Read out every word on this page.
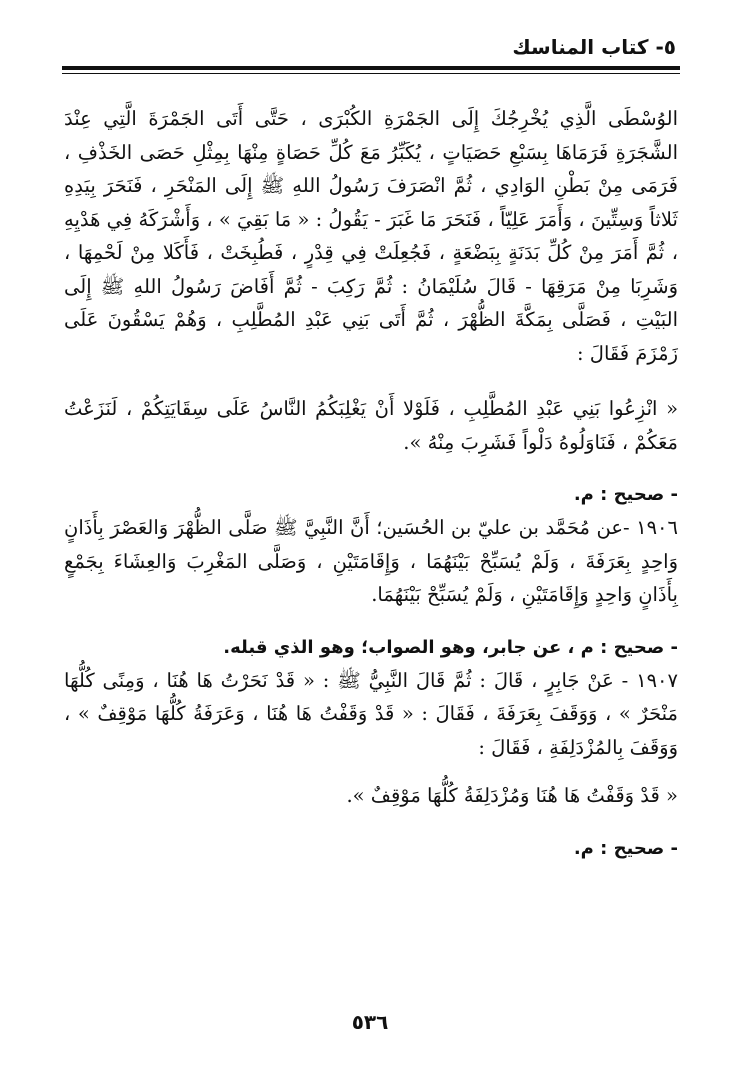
٥- كتاب المناسك

الوُسْطَى الَّذِي يُخْرِجُكَ إِلَى الجَمْرَةِ الكُبْرَى ، حَتَّى أَتَى الجَمْرَةَ الَّتِي عِنْدَ الشَّجَرَةِ فَرَمَاهَا بِسَبْعِ حَصَيَاتٍ ، يُكَبِّرُ مَعَ كُلِّ حَصَاةٍ مِنْهَا بِمِثْلِ حَصَى الخَذْفِ ، فَرَمَى مِنْ بَطْنِ الوَادِي ، ثُمَّ انْصَرَفَ رَسُولُ اللهِ ﷺ إِلَى المَنْحَرِ ، فَنَحَرَ بِيَدِهِ ثَلاثاً وَسِتِّينَ ، وَأَمَرَ عَلِيّاً ، فَنَحَرَ مَا غَبَرَ - يَقُولُ : « مَا بَقِيَ » ، وَأَشْرَكَهُ فِي هَدْيِهِ ، ثُمَّ أَمَرَ مِنْ كُلِّ بَدَنَةٍ بِبَضْعَةٍ ، فَجُعِلَتْ فِي قِدْرٍ ، فَطُبِخَتْ ، فَأَكَلا مِنْ لَحْمِهَا ، وَشَرِبَا مِنْ مَرَقِهَا - قَالَ سُلَيْمَانُ : ثُمَّ رَكِبَ - ثُمَّ أَفَاضَ رَسُولُ اللهِ ﷺ إِلَى البَيْتِ ، فَصَلَّى بِمَكَّةَ الظُّهْرَ ، ثُمَّ أَتَى بَنِي عَبْدِ المُطَّلِبِ ، وَهُمْ يَسْقُونَ عَلَى زَمْزَمَ فَقَالَ :

« انْزِعُوا بَنِي عَبْدِ المُطَّلِبِ ، فَلَوْلا أَنْ يَغْلِبَكُمُ النَّاسُ عَلَى سِقَايَتِكُمْ ، لَنَزَعْتُ مَعَكُمْ ، فَنَاوَلُوهُ دَلْواً فَشَرِبَ مِنْهُ ».

- صحيح : م.

١٩٠٦ -عن مُحَمَّد بن عليّ بن الحُسَين؛ أَنَّ النَّبِيَّ ﷺ صَلَّى الظُّهْرَ وَالعَصْرَ بِأَذَانٍ وَاحِدٍ بِعَرَفَةَ ، وَلَمْ يُسَبِّحْ بَيْنَهُمَا ، وَإِقَامَتَيْنِ ، وَصَلَّى المَغْرِبَ وَالعِشَاءَ بِجَمْعٍ بِأَذَانٍ وَاحِدٍ وَإِقَامَتَيْنِ ، وَلَمْ يُسَبِّحْ بَيْنَهُمَا.

- صحيح : م ، عن جابر، وهو الصواب؛ وهو الذي قبله.

١٩٠٧ - عَنْ جَابِرٍ ، قَالَ : ثُمَّ قَالَ النَّبِيُّ ﷺ : « قَدْ نَحَرْتُ هَا هُنَا ، وَمِنًى كُلُّهَا مَنْحَرٌ » ، وَوَقَفَ بِعَرَفَةَ ، فَقَالَ : « قَدْ وَقَفْتُ هَا هُنَا ، وَعَرَفَةُ كُلُّهَا مَوْقِفٌ » ، وَوَقَفَ بِالمُزْدَلِفَةِ ، فَقَالَ :

« قَدْ وَقَفْتُ هَا هُنَا وَمُزْدَلِفَةُ كُلُّهَا مَوْقِفٌ ».

- صحيح : م.

٥٣٦
